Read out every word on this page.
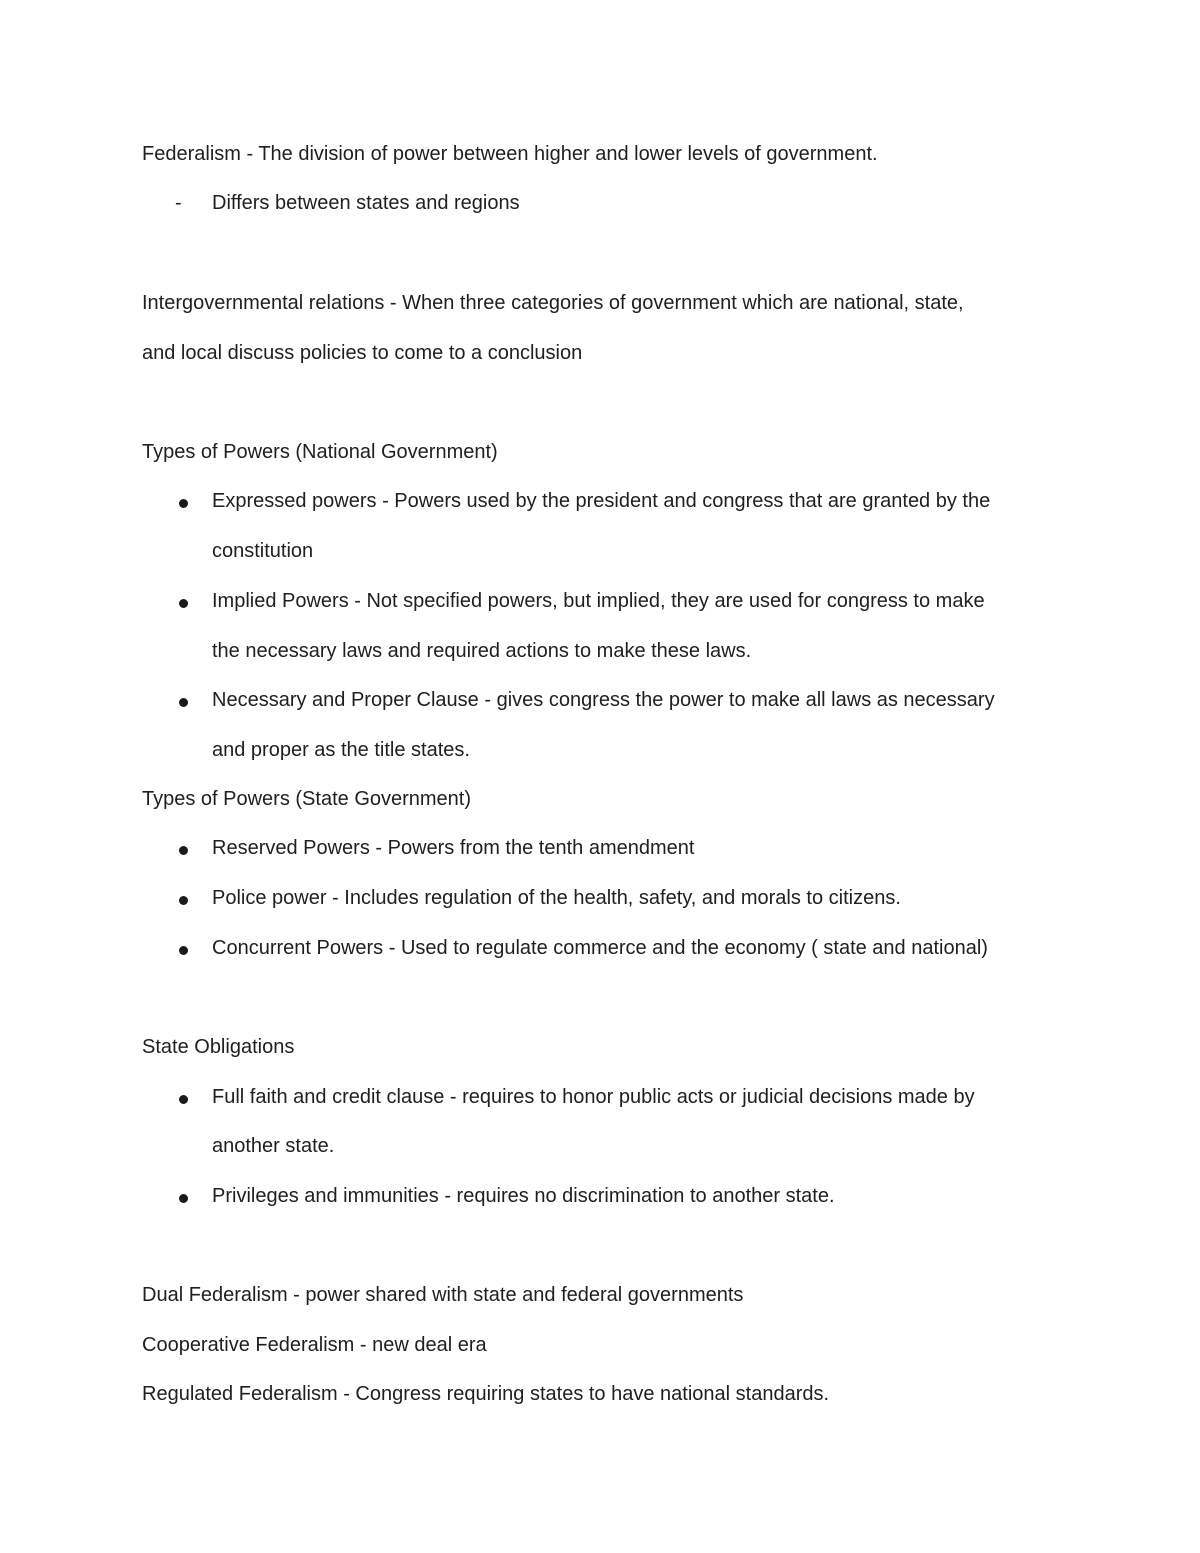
Federalism - The division of power between higher and lower levels of government.
- Differs between states and regions
Intergovernmental relations - When three categories of government which are national, state,
and local discuss policies to come to a conclusion
Types of Powers (National Government)
Expressed powers - Powers used by the president and congress that are granted by the
constitution
Implied Powers - Not specified powers, but implied, they are used for congress to make
the necessary laws and required actions to make these laws.
Necessary and Proper Clause - gives congress the power to make all laws as necessary
and proper as the title states.
Types of Powers (State Government)
Reserved Powers - Powers from the tenth amendment
Police power - Includes regulation of the health, safety, and morals to citizens.
Concurrent Powers - Used to regulate commerce and the economy ( state and national)
State Obligations
Full faith and credit clause - requires to honor public acts or judicial decisions made by
another state.
Privileges and immunities - requires no discrimination to another state.
Dual Federalism - power shared with state and federal governments
Cooperative Federalism - new deal era
Regulated Federalism - Congress requiring states to have national standards.
